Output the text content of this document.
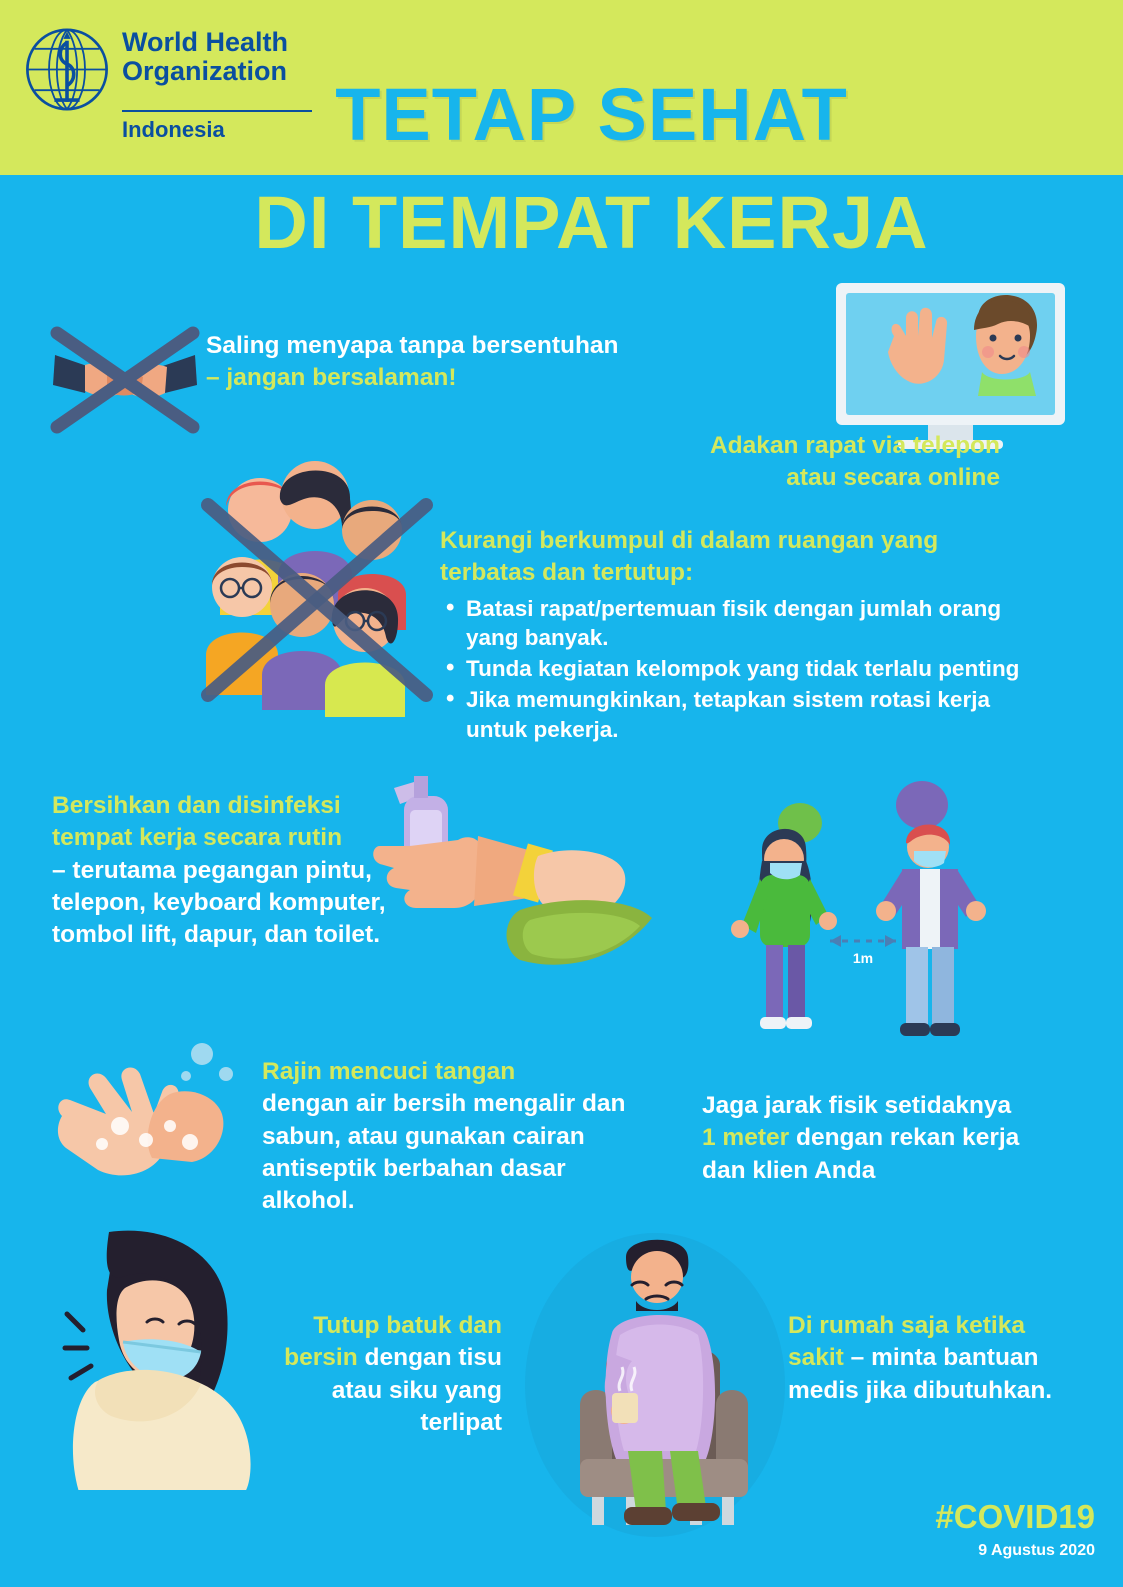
World Health
Organization
Indonesia	TETAP SEHAT
DI TEMPAT KERJA
1m
Saling menyapa tanpa bersentuhan
– jangan bersalaman!
Adakan rapat via telepon
atau secara online
Kurangi berkumpul di dalam ruangan yang
terbatas dan tertutup:
• Batasi rapat/pertemuan fisik dengan jumlah orang yang banyak.
• Tunda kegiatan kelompok yang tidak terlalu penting
• Jika memungkinkan, tetapkan sistem rotasi kerja untuk pekerja.
Bersihkan dan disinfeksi
tempat kerja secara rutin
– terutama pegangan pintu, telepon, keyboard komputer, tombol lift, dapur, dan toilet.
Rajin mencuci tangan
dengan air bersih mengalir dan sabun, atau gunakan cairan antiseptik berbahan dasar alkohol.
Jaga jarak fisik setidaknya
1 meter dengan rekan kerja
dan klien Anda
Tutup batuk dan
bersin dengan tisu
atau siku yang
terlipat
Di rumah saja ketika
sakit – minta bantuan
medis jika dibutuhkan.
#COVID19
9 Agustus 2020
